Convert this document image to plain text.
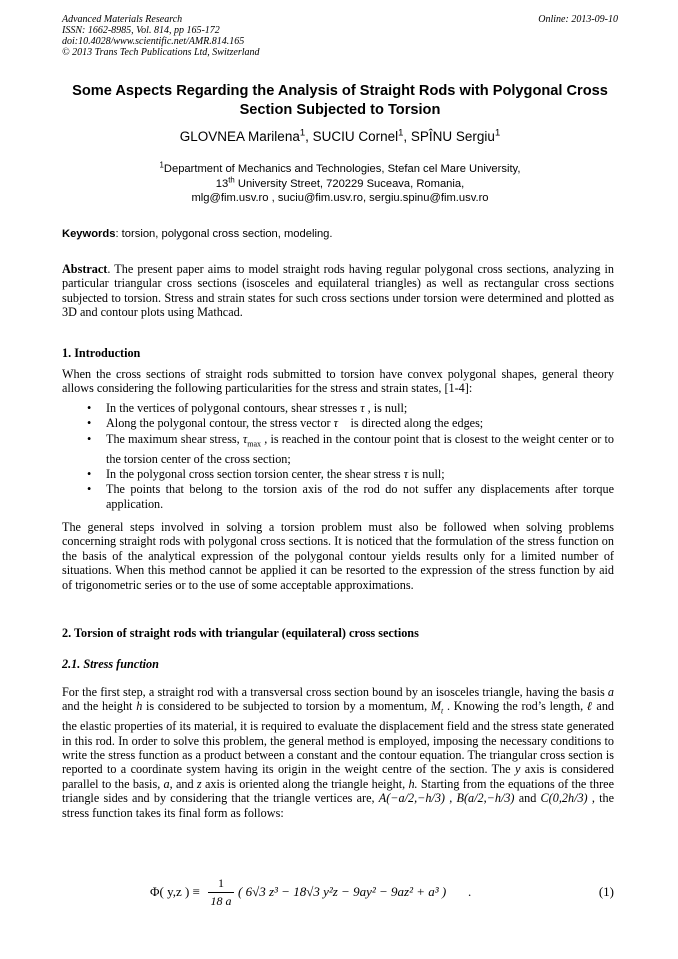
Advanced Materials Research
ISSN: 1662-8985, Vol. 814, pp 165-172
doi:10.4028/www.scientific.net/AMR.814.165
© 2013 Trans Tech Publications Ltd, Switzerland
Online: 2013-09-10
Some Aspects Regarding the Analysis of Straight Rods with Polygonal Cross Section Subjected to Torsion
GLOVNEA Marilena$^1$, SUCIU Cornel$^1$, SPÎNU Sergiu$^1$
$^1$Department of Mechanics and Technologies, Stefan cel Mare University,
13th University Street, 720229 Suceava, Romania,
mlg@fim.usv.ro , suciu@fim.usv.ro, sergiu.spinu@fim.usv.ro
Keywords: torsion, polygonal cross section, modeling.
Abstract. The present paper aims to model straight rods having regular polygonal cross sections, analyzing in particular triangular cross sections (isosceles and equilateral triangles) as well as rectangular cross sections subjected to torsion. Stress and strain states for such cross sections under torsion were determined and plotted as 3D and contour plots using Mathcad.
1. Introduction
When the cross sections of straight rods submitted to torsion have convex polygonal shapes, general theory allows considering the following particularities for the stress and strain states, [1-4]:
• In the vertices of polygonal contours, shear stresses τ , is null;
• Along the polygonal contour, the stress vector τ⃗ is directed along the edges;
• The maximum shear stress, $\tau_{max}$ , is reached in the contour point that is closest to the weight center or to the torsion center of the cross section;
• In the polygonal cross section torsion center, the shear stress τ is null;
• The points that belong to the torsion axis of the rod do not suffer any displacements after torque application.
The general steps involved in solving a torsion problem must also be followed when solving problems concerning straight rods with polygonal cross sections. It is noticed that the formulation of the stress function on the basis of the analytical expression of the polygonal contour yields results only for a limited number of situations. When this method cannot be applied it can be resorted to the expression of the stress function by aid of trigonometric series or to the use of some acceptable approximations.
2. Torsion of straight rods with triangular (equilateral) cross sections
2.1. Stress function
For the first step, a straight rod with a transversal cross section bound by an isosceles triangle, having the basis a and the height h is considered to be subjected to torsion by a momentum, $M_t$ . Knowing the rod’s length, ℓ and the elastic properties of its material, it is required to evaluate the displacement field and the stress state generated in this rod. In order to solve this problem, the general method is employed, imposing the necessary conditions to write the stress function as a product between a constant and the contour equation. The triangular cross section is reported to a coordinate system having its origin in the weight centre of the section. The y axis is considered parallel to the basis, a, and z axis is oriented along the triangle height, h. Starting from the equations of the three triangle sides and by considering that the triangle vertices are, A(−a/2,−h/3) , B(a/2,−h/3) and C(0,2h/3) , the stress function takes its final form as follows:
Φ( y,z ) ≡ $\frac{1}{18 a}$ ( 6√3 z³ − 18√3 y²z − 9ay² − 9az² + a³ ) .	(1)
